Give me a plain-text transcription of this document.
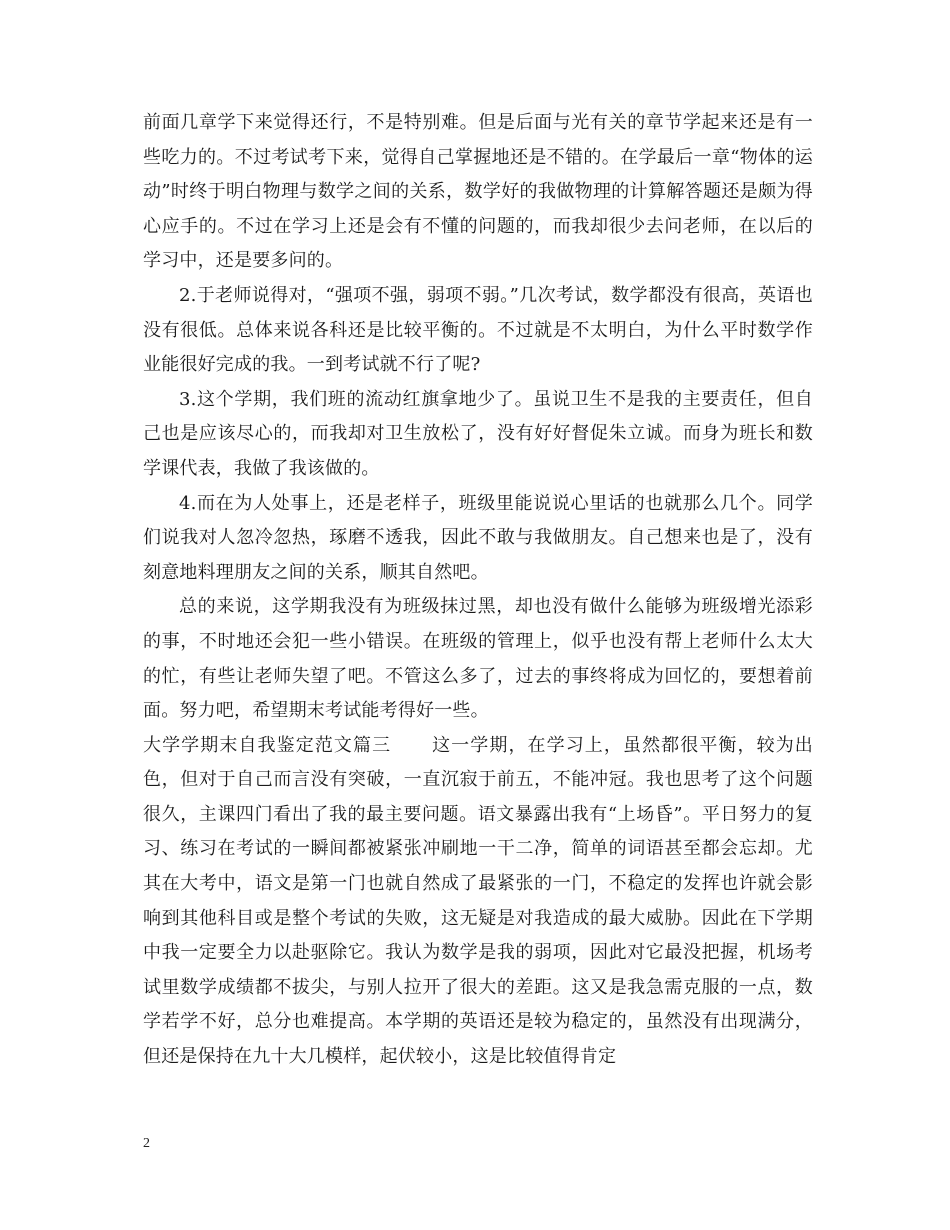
前面几章学下来觉得还行，不是特别难。但是后面与光有关的章节学起来还是有一些吃力的。不过考试考下来，觉得自己掌握地还是不错的。在学最后一章“物体的运动”时终于明白物理与数学之间的关系，数学好的我做物理的计算解答题还是颇为得心应手的。不过在学习上还是会有不懂的问题的，而我却很少去问老师，在以后的学习中，还是要多问的。

2.于老师说得对，“强项不强，弱项不弱。”几次考试，数学都没有很高，英语也没有很低。总体来说各科还是比较平衡的。不过就是不太明白，为什么平时数学作业能很好完成的我。一到考试就不行了呢?

3.这个学期，我们班的流动红旗拿地少了。虽说卫生不是我的主要责任，但自己也是应该尽心的，而我却对卫生放松了，没有好好督促朱立诚。而身为班长和数学课代表，我做了我该做的。

4.而在为人处事上，还是老样子，班级里能说说心里话的也就那么几个。同学们说我对人忽冷忽热，琢磨不透我，因此不敢与我做朋友。自己想来也是了，没有刻意地料理朋友之间的关系，顺其自然吧。

总的来说，这学期我没有为班级抹过黑，却也没有做什么能够为班级增光添彩的事，不时地还会犯一些小错误。在班级的管理上，似乎也没有帮上老师什么太大的忙，有些让老师失望了吧。不管这么多了，过去的事终将成为回忆的，要想着前面。努力吧，希望期末考试能考得好一些。

大学学期末自我鉴定范文篇三 这一学期，在学习上，虽然都很平衡，较为出色，但对于自己而言没有突破，一直沉寂于前五，不能冲冠。我也思考了这个问题很久，主课四门看出了我的最主要问题。语文暴露出我有“上场昏”。平日努力的复习、练习在考试的一瞬间都被紧张冲刷地一干二净，简单的词语甚至都会忘却。尤其在大考中，语文是第一门也就自然成了最紧张的一门，不稳定的发挥也许就会影响到其他科目或是整个考试的失败，这无疑是对我造成的最大威胁。因此在下学期中我一定要全力以赴驱除它。我认为数学是我的弱项，因此对它最没把握，机场考试里数学成绩都不拔尖，与别人拉开了很大的差距。这又是我急需克服的一点，数学若学不好，总分也难提高。本学期的英语还是较为稳定的，虽然没有出现满分，但还是保持在九十大几模样，起伏较小，这是比较值得肯定

2
